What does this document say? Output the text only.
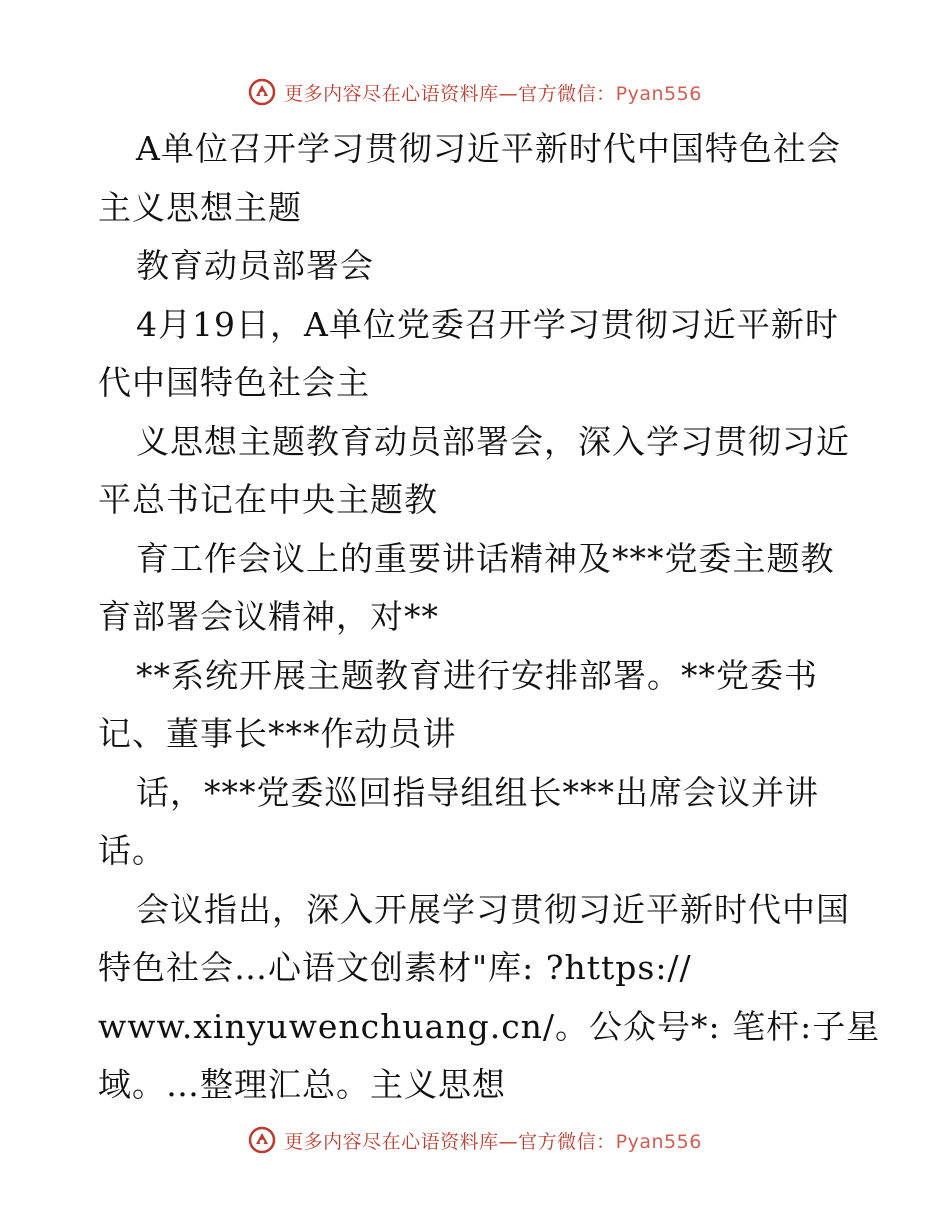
更多内容尽在心语资料库—官方微信：Pyan556
A单位召开学习贯彻习近平新时代中国特色社会
主义思想主题
教育动员部署会
4月19日，A单位党委召开学习贯彻习近平新时
代中国特色社会主
义思想主题教育动员部署会，深入学习贯彻习近
平总书记在中央主题教
育工作会议上的重要讲话精神及***党委主题教
育部署会议精神，对**
**系统开展主题教育进行安排部署。**党委书
记、董事长***作动员讲
话，***党委巡回指导组组长***出席会议并讲
话。
会议指出，深入开展学习贯彻习近平新时代中国
特色社会…心语文创素材"库: ?https://
www.xinyuwenchuang.cn/。公众号*: 笔杆:子星
域。…整理汇总。主义思想
更多内容尽在心语资料库—官方微信：Pyan556
